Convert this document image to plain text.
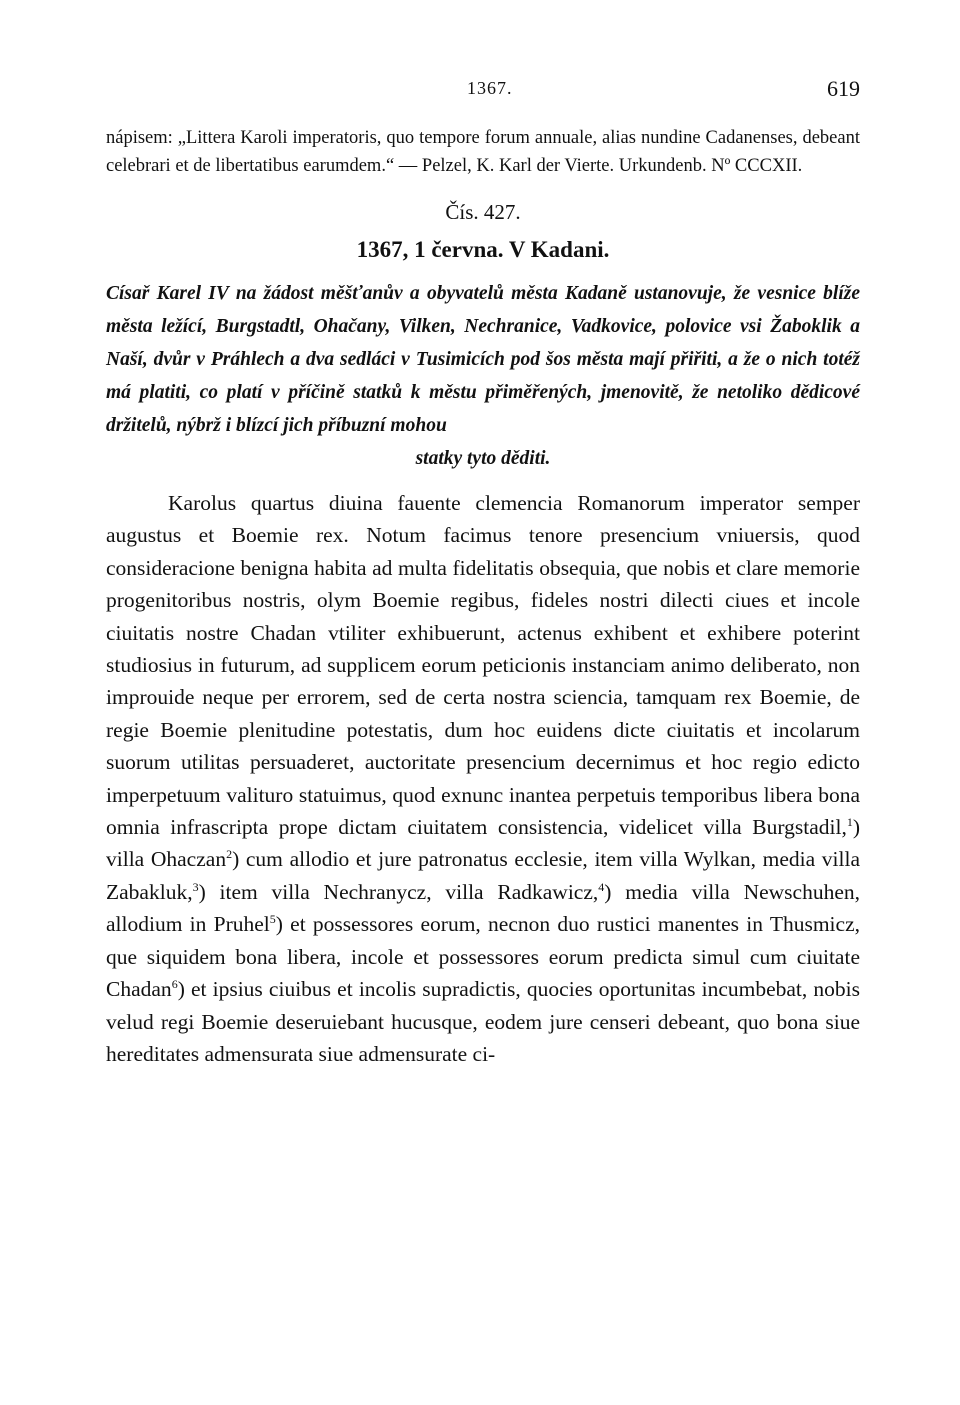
1367.	619
nápisem: „Littera Karoli imperatoris, quo tempore forum annuale, alias nundine Cadanenses, debeant celebrari et de libertatibus earumdem.“ — Pelzel, K. Karl der Vierte. Urkundenb. Nº CCCXII.
Čís. 427.
1367, 1 června. V Kadani.
Císař Karel IV na žádost měšťanův a obyvatelů města Kadaně ustanovuje, že vesnice blíže města ležící, Burgstadtl, Ohačany, Vilken, Nechranice, Vadkovice, polovice vsi Žaboklik a Naší, dvůr v Práhlech a dva sedláci v Tusimicích pod šos města mají přiřiti, a že o nich totéž má platiti, co platí v příčině statků k městu přiměřených, jmenovitě, že netoliko dědicové držitelů, nýbrž i blízcí jich příbuzní mohou
statky tyto děditi.
Karolus quartus diuina fauente clemencia Romanorum imperator semper augustus et Boemie rex. Notum facimus tenore presencium vniuersis, quod consideracione benigna habita ad multa fidelitatis obsequia, que nobis et clare memorie progenitoribus nostris, olym Boemie regibus, fideles nostri dilecti ciues et incole ciuitatis nostre Chadan vtiliter exhibuerunt, actenus exhibent et exhibere poterint studiosius in futurum, ad supplicem eorum peticionis instanciam animo deliberato, non improuide neque per errorem, sed de certa nostra sciencia, tamquam rex Boemie, de regie Boemie plenitudine potestatis, dum hoc euidens dicte ciuitatis et incolarum suorum utilitas persuaderet, auctoritate presencium decernimus et hoc regio edicto imperpetuum valituro statuimus, quod exnunc inantea perpetuis temporibus libera bona omnia infrascripta prope dictam ciuitatem consistencia, videlicet villa Burgstadil,$^1$) villa Ohaczan$^2$) cum allodio et jure patronatus ecclesie, item villa Wylkan, media villa Zabakluk,$^3$) item villa Nechranycz, villa Radkawicz,$^4$) media villa Newschuhen, allodium in Pruhel$^5$) et possessores eorum, necnon duo rustici manentes in Thusmicz, que siquidem bona libera, incole et possessores eorum predicta simul cum ciuitate Chadan$^6$) et ipsius ciuibus et incolis supradictis, quocies oportunitas incumbebat, nobis velud regi Boemie deseruiebant hucusque, eodem jure censeri debeant, quo bona siue hereditates admensurata siue admensurate ci-
